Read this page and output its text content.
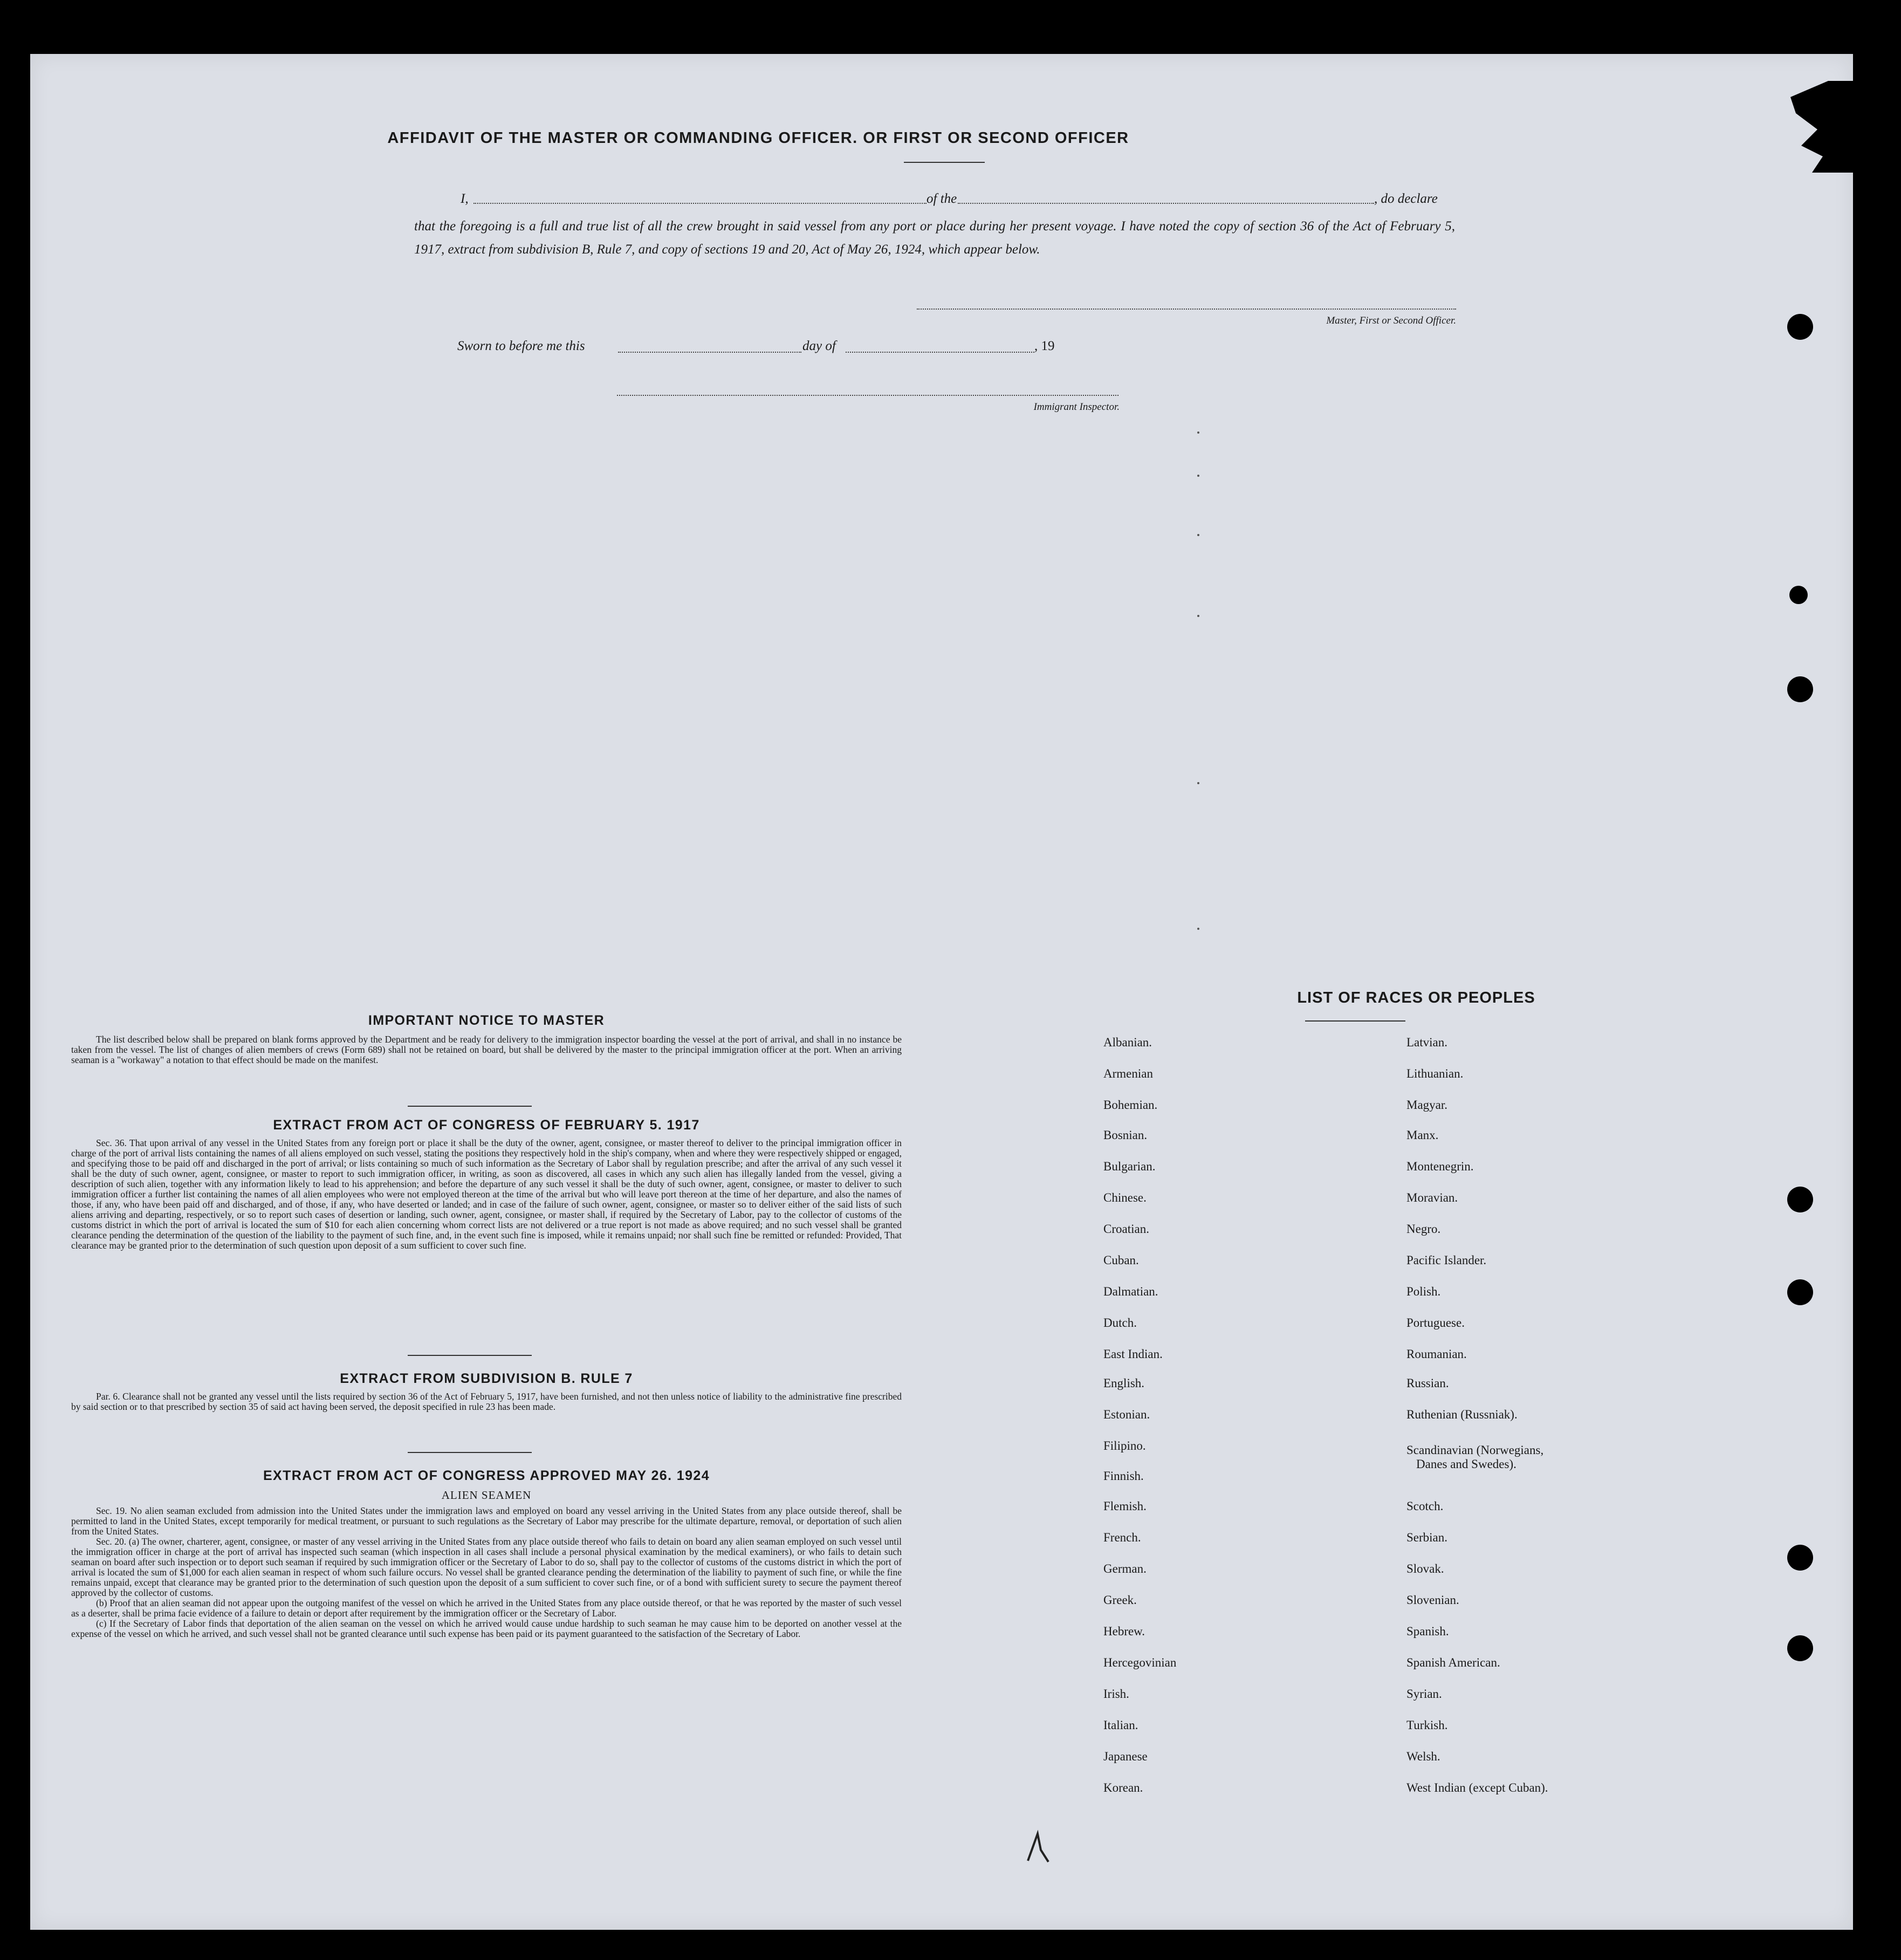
AFFIDAVIT OF THE MASTER OR COMMANDING OFFICER. OR FIRST OR SECOND OFFICER
I,	of the	, do declare
that the foregoing is a full and true list of all the crew brought in said vessel from any port or place during her present voyage. I have noted the copy of section 36 of the Act of February 5, 1917, extract from subdivision B, Rule 7, and copy of sections 19 and 20, Act of May 26, 1924, which appear below.
Master, First or Second Officer.
Sworn to before me this	day of	, 19
Immigrant Inspector.
IMPORTANT NOTICE TO MASTER

The list described below shall be prepared on blank forms approved by the Department and be ready for delivery to the immigration inspector boarding the vessel at the port of arrival, and shall in no instance be taken from the vessel. The list of changes of alien members of crews (Form 689) shall not be retained on board, but shall be delivered by the master to the principal immigration officer at the port. When an arriving seaman is a "workaway" a notation to that effect should be made on the manifest.

EXTRACT FROM ACT OF CONGRESS OF FEBRUARY 5. 1917

Sec. 36. That upon arrival of any vessel in the United States from any foreign port or place it shall be the duty of the owner, agent, consignee, or master thereof to deliver to the principal immigration officer in charge of the port of arrival lists containing the names of all aliens employed on such vessel, stating the positions they respectively hold in the ship's company, when and where they were respectively shipped or engaged, and specifying those to be paid off and discharged in the port of arrival; or lists containing so much of such information as the Secretary of Labor shall by regulation prescribe; and after the arrival of any such vessel it shall be the duty of such owner, agent, consignee, or master to report to such immigration officer, in writing, as soon as discovered, all cases in which any such alien has illegally landed from the vessel, giving a description of such alien, together with any information likely to lead to his apprehension; and before the departure of any such vessel it shall be the duty of such owner, agent, consignee, or master to deliver to such immigration officer a further list containing the names of all alien employees who were not employed thereon at the time of the arrival but who will leave port thereon at the time of her departure, and also the names of those, if any, who have been paid off and discharged, and of those, if any, who have deserted or landed; and in case of the failure of such owner, agent, consignee, or master so to deliver either of the said lists of such aliens arriving and departing, respectively, or so to report such cases of desertion or landing, such owner, agent, consignee, or master shall, if required by the Secretary of Labor, pay to the collector of customs of the customs district in which the port of arrival is located the sum of $10 for each alien concerning whom correct lists are not delivered or a true report is not made as above required; and no such vessel shall be granted clearance pending the determination of the question of the liability to the payment of such fine, and, in the event such fine is imposed, while it remains unpaid; nor shall such fine be remitted or refunded: Provided, That clearance may be granted prior to the determination of such question upon deposit of a sum sufficient to cover such fine.

EXTRACT FROM SUBDIVISION B. RULE 7

Par. 6. Clearance shall not be granted any vessel until the lists required by section 36 of the Act of February 5, 1917, have been furnished, and not then unless notice of liability to the administrative fine prescribed by said section or to that prescribed by section 35 of said act having been served, the deposit specified in rule 23 has been made.

EXTRACT FROM ACT OF CONGRESS APPROVED MAY 26. 1924
ALIEN SEAMEN

Sec. 19. No alien seaman excluded from admission into the United States under the immigration laws and employed on board any vessel arriving in the United States from any place outside thereof, shall be permitted to land in the United States, except temporarily for medical treatment, or pursuant to such regulations as the Secretary of Labor may prescribe for the ultimate departure, removal, or deportation of such alien from the United States.

Sec. 20. (a) The owner, charterer, agent, consignee, or master of any vessel arriving in the United States from any place outside thereof who fails to detain on board any alien seaman employed on such vessel until the immigration officer in charge at the port of arrival has inspected such seaman (which inspection in all cases shall include a personal physical examination by the medical examiners), or who fails to detain such seaman on board after such inspection or to deport such seaman if required by such immigration officer or the Secretary of Labor to do so, shall pay to the collector of customs of the customs district in which the port of arrival is located the sum of $1,000 for each alien seaman in respect of whom such failure occurs. No vessel shall be granted clearance pending the determination of the liability to payment of such fine, or while the fine remains unpaid, except that clearance may be granted prior to the determination of such question upon the deposit of a sum sufficient to cover such fine, or of a bond with sufficient surety to secure the payment thereof approved by the collector of customs.

(b) Proof that an alien seaman did not appear upon the outgoing manifest of the vessel on which he arrived in the United States from any place outside thereof, or that he was reported by the master of such vessel as a deserter, shall be prima facie evidence of a failure to detain or deport after requirement by the immigration officer or the Secretary of Labor.

(c) If the Secretary of Labor finds that deportation of the alien seaman on the vessel on which he arrived would cause undue hardship to such seaman he may cause him to be deported on another vessel at the expense of the vessel on which he arrived, and such vessel shall not be granted clearance until such expense has been paid or its payment guaranteed to the satisfaction of the Secretary of Labor.

LIST OF RACES OR PEOPLES
Albanian.
Armenian
Bohemian.
Bosnian.
Bulgarian.
Chinese.
Croatian.
Cuban.
Dalmatian.
Dutch.
East Indian.
English.
Estonian.
Filipino.
Finnish.
Flemish.
French.
German.
Greek.
Hebrew.
Hercegovinian
Irish.
Italian.
Japanese
Korean.
Latvian.
Lithuanian.
Magyar.
Manx.
Montenegrin.
Moravian.
Negro.
Pacific Islander.
Polish.
Portuguese.
Roumanian.
Russian.
Ruthenian (Russniak).
Scandinavian (Norwegians,
Danes and Swedes).
Scotch.
Serbian.
Slovak.
Slovenian.
Spanish.
Spanish American.
Syrian.
Turkish.
Welsh.
West Indian (except Cuban).
